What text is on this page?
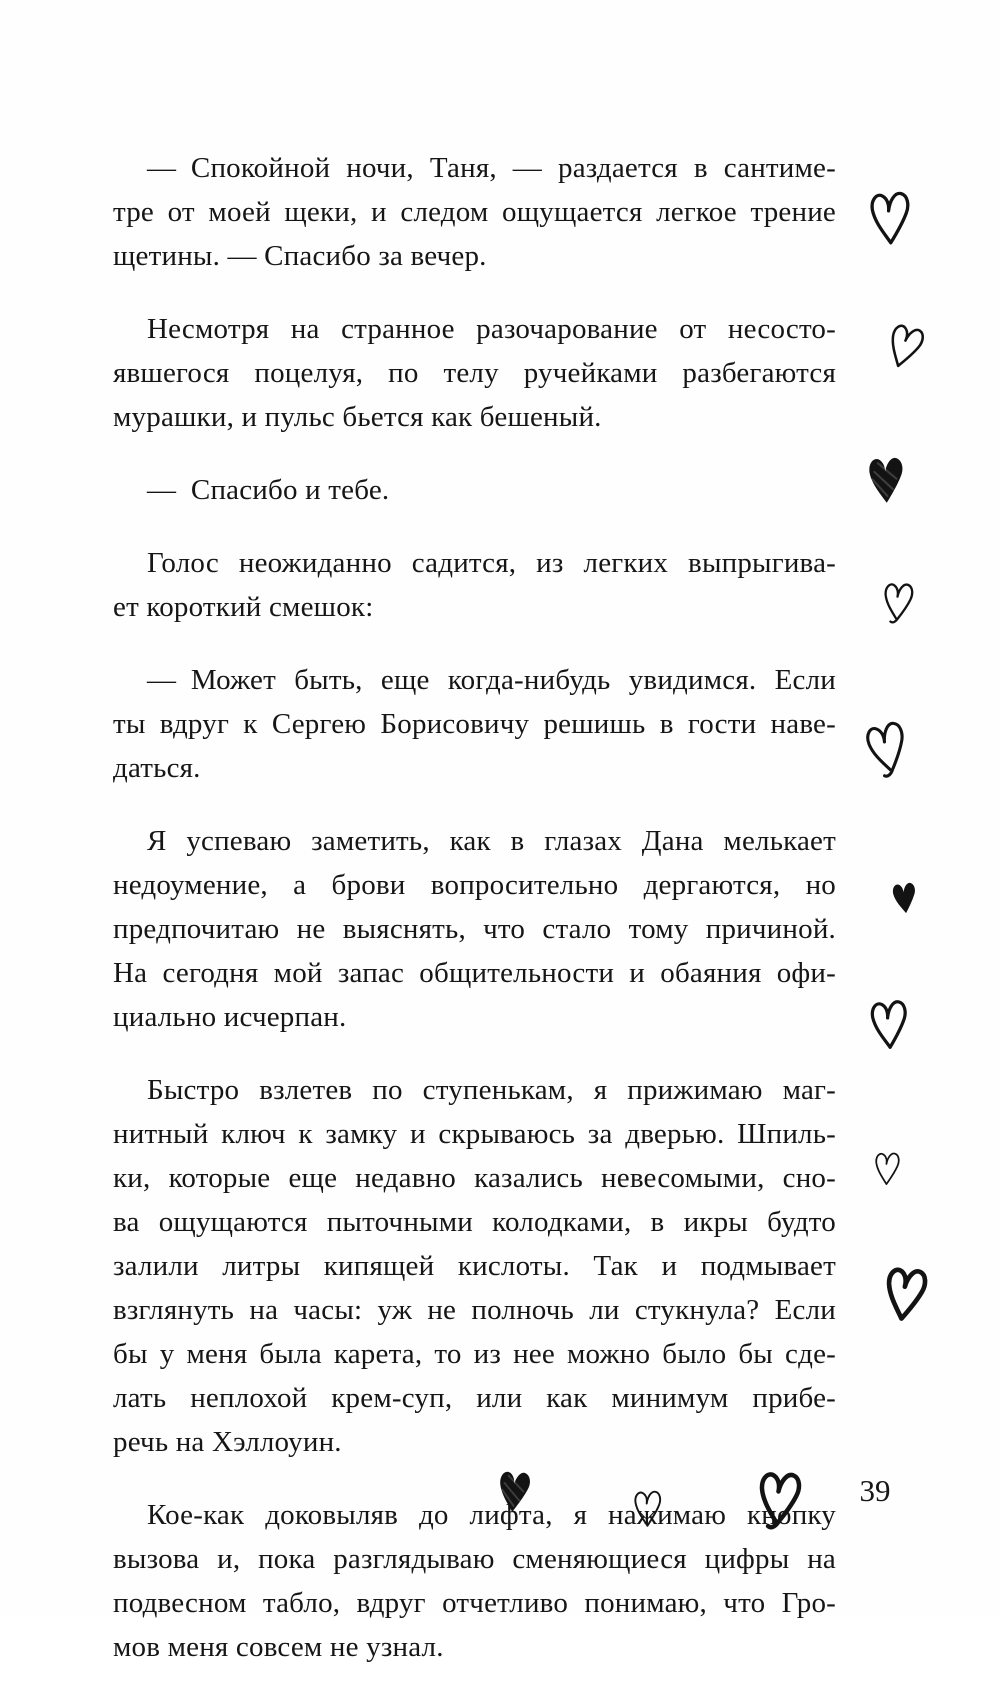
— Спокойной ночи, Таня, — раздается в сантиме-
тре от моей щеки, и следом ощущается легкое трение
щетины. — Спасибо за вечер.

Несмотря на странное разочарование от несосто-
явшегося поцелуя, по телу ручейками разбегаются
мурашки, и пульс бьется как бешеный.

— Спасибо и тебе.

Голос неожиданно садится, из легких выпрыгива-
ет короткий смешок:

— Может быть, еще когда-нибудь увидимся. Если
ты вдруг к Сергею Борисовичу решишь в гости наве-
даться.

Я успеваю заметить, как в глазах Дана мелькает
недоумение, а брови вопросительно дергаются, но
предпочитаю не выяснять, что стало тому причиной.
На сегодня мой запас общительности и обаяния офи-
циально исчерпан.

Быстро взлетев по ступенькам, я прижимаю маг-
нитный ключ к замку и скрываюсь за дверью. Шпиль-
ки, которые еще недавно казались невесомыми, сно-
ва ощущаются пыточными колодками, в икры будто
залили литры кипящей кислоты. Так и подмывает
взглянуть на часы: уж не полночь ли стукнула? Если
бы у меня была карета, то из нее можно было бы сде-
лать неплохой крем-суп, или как минимум прибе-
речь на Хэллоуин.

Кое-как доковыляв до лифта, я нажимаю кнопку
вызова и, пока разглядываю сменяющиеся цифры на
подвесном табло, вдруг отчетливо понимаю, что Гро-
мов меня совсем не узнал.

39
